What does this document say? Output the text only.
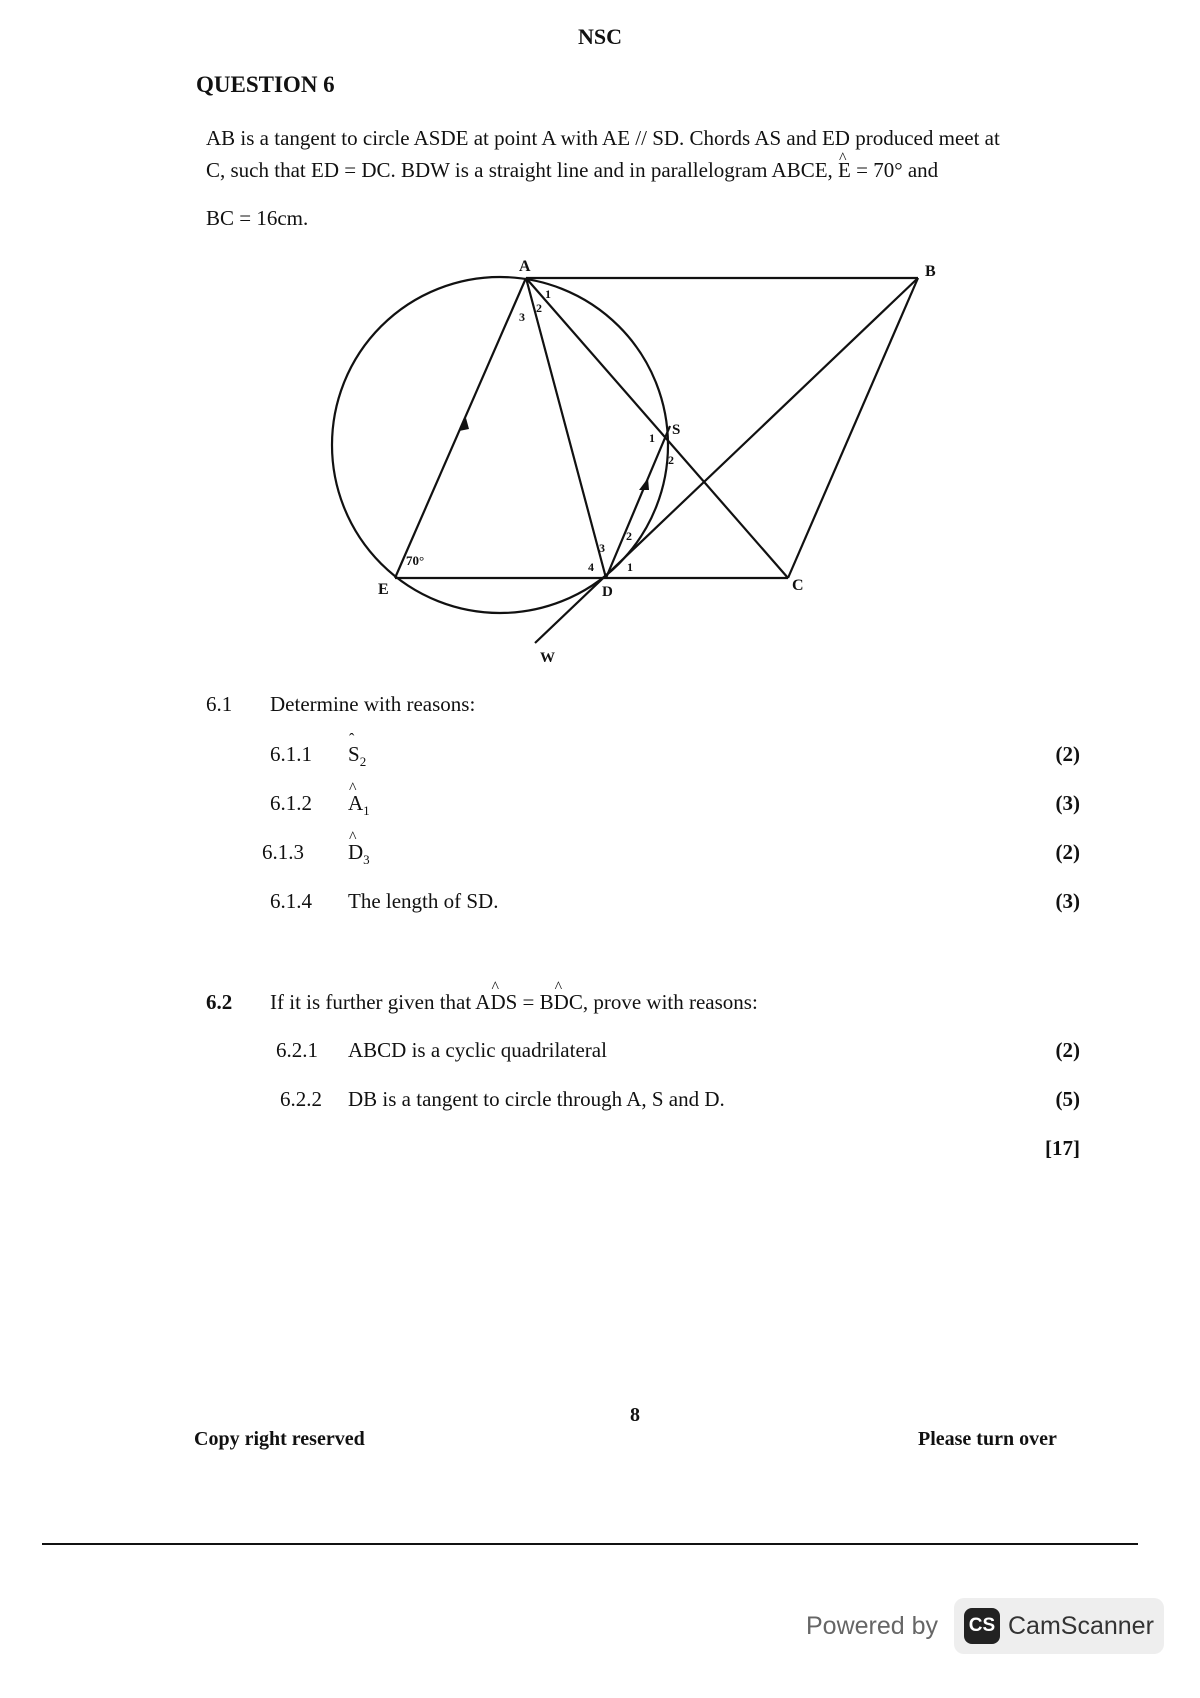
NSC
QUESTION 6

AB is a tangent to circle ASDE at point A with AE // SD. Chords AS and ED produced meet at

C, such that ED = DC. BDW is a straight line and in parallelogram ABCE, ^ E = 70° and

BC = 16cm.

A	B
S
E	D	C
W
1
2
3
1
2
1
2
3
4
70°
6.1 Determine with reasons:
6.1.1 ˆ $S_2$	(2)
6.1.2 ^ $A_1$	(3)
6.1.3 ^ $D_3$	(2)
6.1.4 The length of SD.	(3)
6.2 If it is further given that A^ DS = B^ DC, prove with reasons:
6.2.1 ABCD is a cyclic quadrilateral	(2)
6.2.2 DB is a tangent to circle through A, S and D.	(5)
[17]
8
Copy right reserved	Please turn over
Powered by CS CamScanner
